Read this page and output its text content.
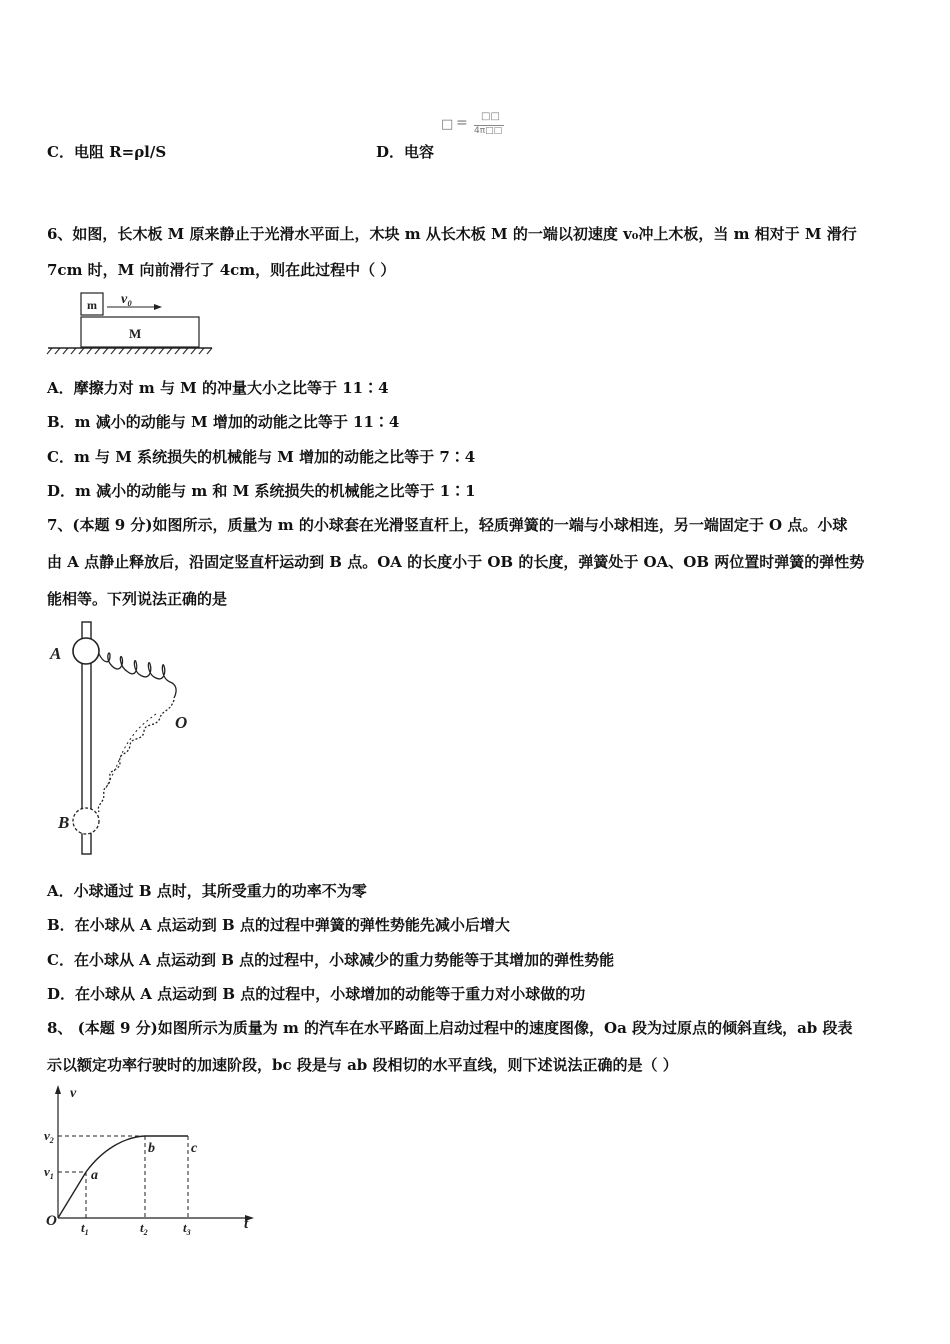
□ = □□
4π□□
C．电阻 R=ρl/S	D．电容
6、如图，长木板 M 原来静止于光滑水平面上，木块 m 从长木板 M 的一端以初速度 v₀冲上木板，当 m 相对于 M 滑行
7cm 时，M 向前滑行了 4cm，则在此过程中（ ）
m
M
v₀
A．摩擦力对 m 与 M 的冲量大小之比等于 11∶4
B．m 减小的动能与 M 增加的动能之比等于 11∶4
C．m 与 M 系统损失的机械能与 M 增加的动能之比等于 7∶4
D．m 减小的动能与 m 和 M 系统损失的机械能之比等于 1∶1
7、(本题 9 分)如图所示，质量为 m 的小球套在光滑竖直杆上，轻质弹簧的一端与小球相连，另一端固定于 O 点。小球
由 A 点静止释放后，沿固定竖直杆运动到 B 点。OA 的长度小于 OB 的长度，弹簧处于 OA、OB 两位置时弹簧的弹性势
能相等。下列说法正确的是
A
B
O
A．小球通过 B 点时，其所受重力的功率不为零
B．在小球从 A 点运动到 B 点的过程中弹簧的弹性势能先减小后增大
C．在小球从 A 点运动到 B 点的过程中，小球减少的重力势能等于其增加的弹性势能
D．在小球从 A 点运动到 B 点的过程中，小球增加的动能等于重力对小球做的功
8、 (本题 9 分)如图所示为质量为 m 的汽车在水平路面上启动过程中的速度图像，Oa 段为过原点的倾斜直线，ab 段表
示以额定功率行驶时的加速阶段，bc 段是与 ab 段相切的水平直线，则下述说法正确的是（ ）
v
t
O
$v_2$
$v_1$
$t_1$	$t_2$	$t_3$
a
b	c
